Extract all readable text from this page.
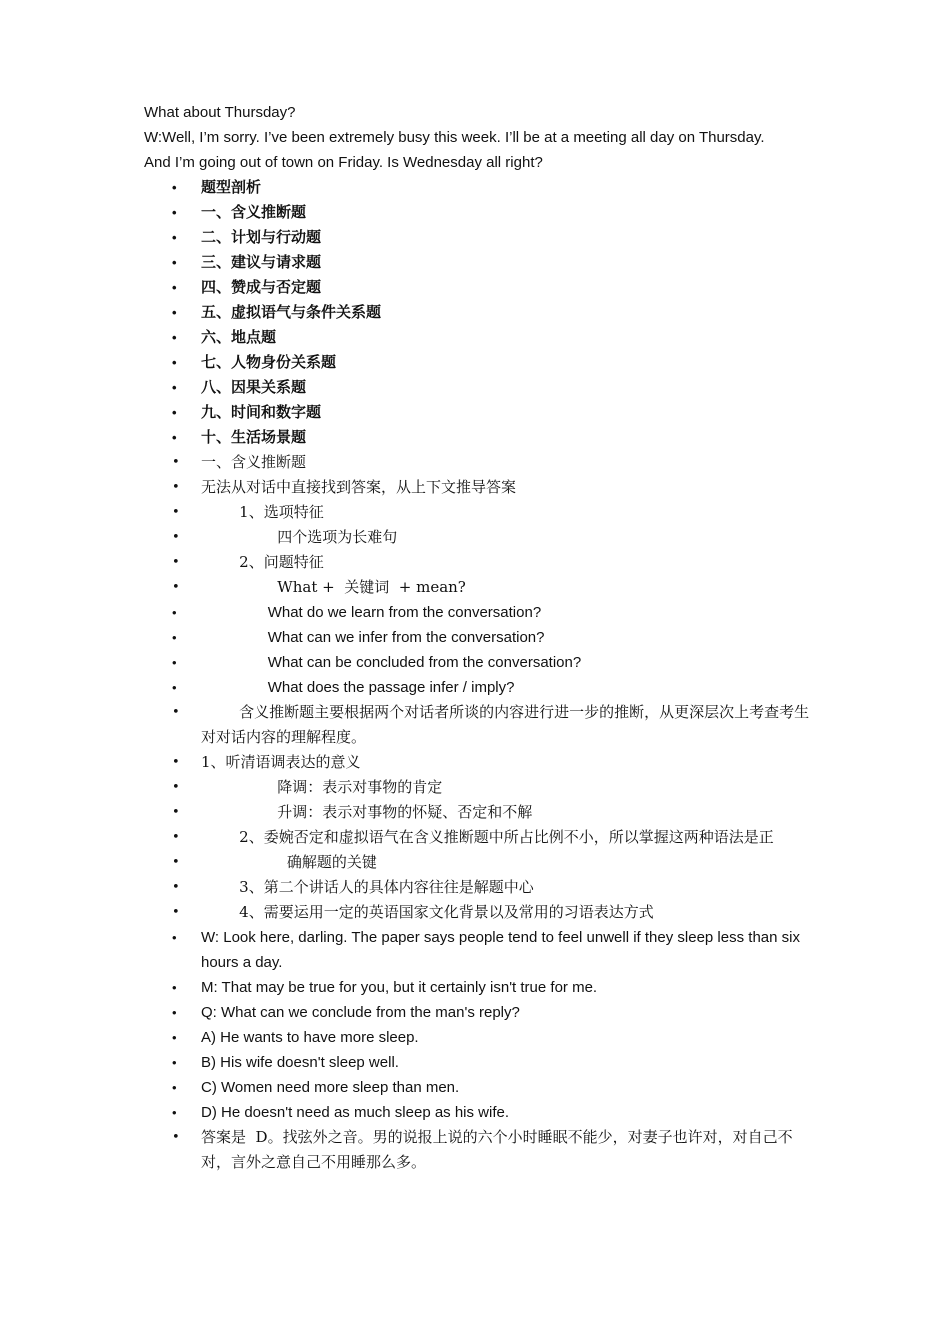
What about Thursday?

W:Well, I’m sorry. I’ve been extremely busy this week. I’ll be at a meeting all day on Thursday.

And I’m going out of town on Friday. Is Wednesday all right?

• 题型剖析
• 一、含义推断题
• 二、计划与行动题
• 三、建议与请求题
• 四、赞成与否定题
• 五、虚拟语气与条件关系题
• 六、地点题
• 七、人物身份关系题
• 八、因果关系题
• 九、时间和数字题
• 十、生活场景题
• 一、含义推断题
• 无法从对话中直接找到答案，从上下文推导答案
• 1、选项特征
• 四个选项为长难句
• 2、问题特征
• What +  关键词  + mean?
• What do we learn from the conversation?
• What can we infer from the conversation?
• What can be concluded from the conversation?
• What does the passage infer / imply?
• 含义推断题主要根据两个对话者所谈的内容进行进一步的推断，从更深层次上考查考生对对话内容的理解程度。
• 1、听清语调表达的意义
• 降调：表示对事物的肯定
• 升调：表示对事物的怀疑、否定和不解
• 2、委婉否定和虚拟语气在含义推断题中所占比例不小，所以掌握这两种语法是正
• 确解题的关键
• 3、第二个讲话人的具体内容往往是解题中心
• 4、需要运用一定的英语国家文化背景以及常用的习语表达方式
• W: Look here, darling. The paper says people tend to feel unwell if they sleep less than six hours a day.
• M: That may be true for you, but it certainly isn't true for me.
• Q: What can we conclude from the man's reply?
• A) He wants to have more sleep.
• B) His wife doesn't sleep well.
• C) Women need more sleep than men.
• D) He doesn't need as much sleep as his wife.
• 答案是  D。找弦外之音。男的说报上说的六个小时睡眠不能少，对妻子也许对，对自己不对，言外之意自己不用睡那么多。
